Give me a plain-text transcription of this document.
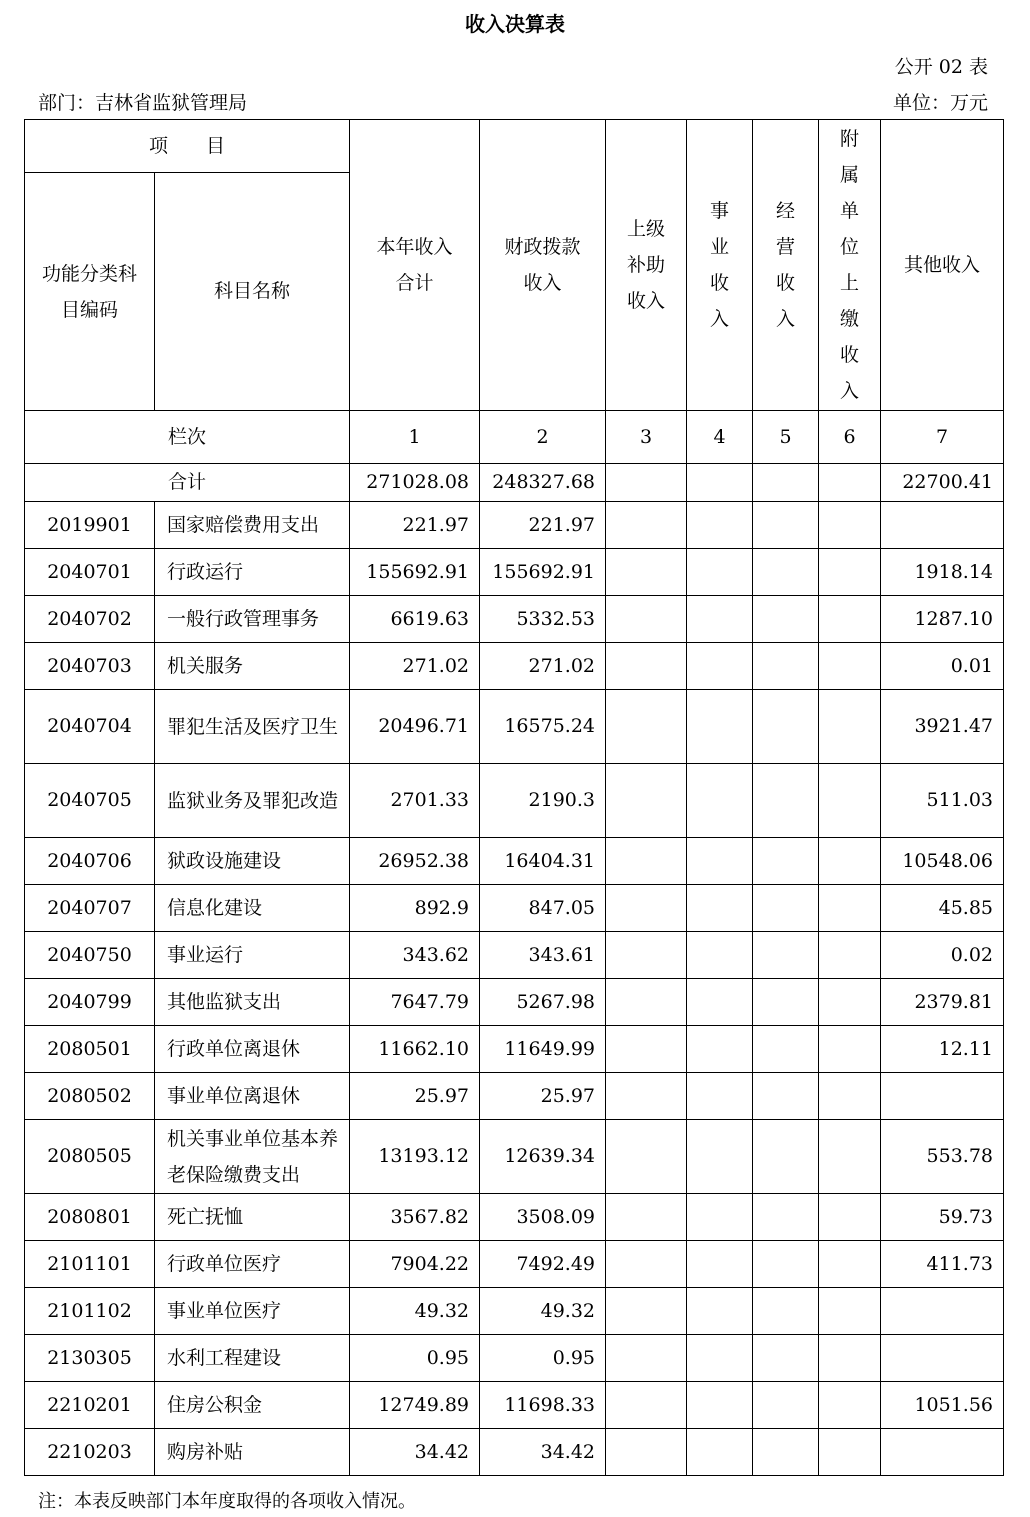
收入决算表
公开 02 表
部门：吉林省监狱管理局	单位：万元
项　　目		本年收入合计	财政拨款收入	上级补助收入	事业收入	经营收入	附属单位上缴收入	其他收入

功能分类科目编码	科目名称							
栏次		1	2	3	4	5	6	7
合计		271028.08	248327.68					22700.41
2019901	国家赔偿费用支出	221.97	221.97					
2040701	行政运行	155692.91	155692.91					1918.14
2040702	一般行政管理事务	6619.63	5332.53					1287.10
2040703	机关服务	271.02	271.02					0.01
2040704	罪犯生活及医疗卫生	20496.71	16575.24					3921.47
2040705	监狱业务及罪犯改造	2701.33	2190.3					511.03
2040706	狱政设施建设	26952.38	16404.31					10548.06
2040707	信息化建设	892.9	847.05					45.85
2040750	事业运行	343.62	343.61					0.02
2040799	其他监狱支出	7647.79	5267.98					2379.81
2080501	行政单位离退休	11662.10	11649.99					12.11
2080502	事业单位离退休	25.97	25.97					
2080505	机关事业单位基本养老保险缴费支出	13193.12	12639.34					553.78
2080801	死亡抚恤	3567.82	3508.09					59.73
2101101	行政单位医疗	7904.22	7492.49					411.73
2101102	事业单位医疗	49.32	49.32					
2130305	水利工程建设	0.95	0.95					
2210201	住房公积金	12749.89	11698.33					1051.56
2210203	购房补贴	34.42	34.42					
注：本表反映部门本年度取得的各项收入情况。
